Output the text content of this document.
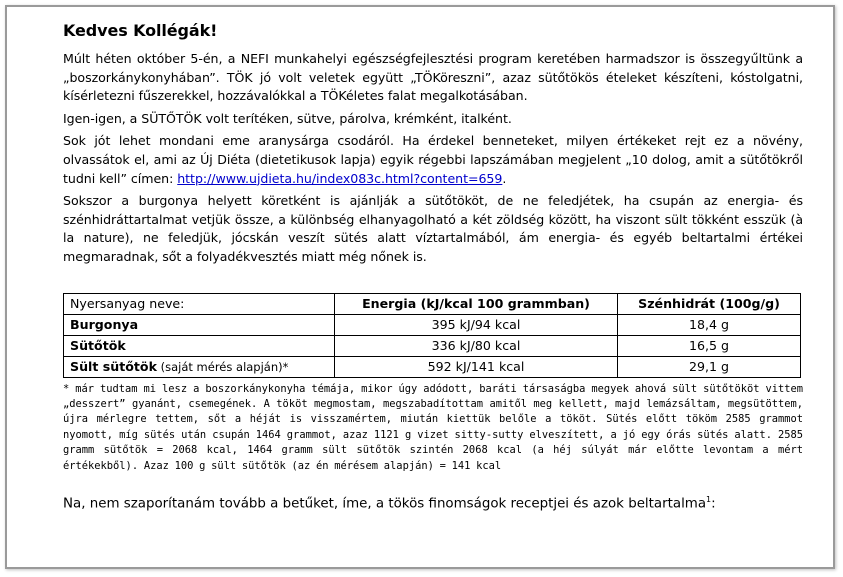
Kedves Kollégák!

Múlt héten október 5-én, a NEFI munkahelyi egészségfejlesztési program keretében harmadszor is összegyűltünk a „boszorkánykonyhában”. TÖK jó volt veletek együtt „TÖKöreszni”, azaz sütőtökös ételeket készíteni, kóstolgatni, kísérletezni fűszerekkel, hozzávalókkal a TÖKéletes falat megalkotásában.

Igen-igen, a SÜTŐTÖK volt terítéken, sütve, párolva, krémként, italként.

Sok jót lehet mondani eme aranysárga csodáról. Ha érdekel benneteket, milyen értékeket rejt ez a növény, olvassátok el, ami az Új Diéta (dietetikusok lapja) egyik régebbi lapszámában megjelent „10 dolog, amit a sütőtökről tudni kell” címen: http://www.ujdieta.hu/index083c.html?content=659.

Sokszor a burgonya helyett köretként is ajánlják a sütőtököt, de ne feledjétek, ha csupán az energia- és szénhidráttartalmat vetjük össze, a különbség elhanyagolható a két zöldség között, ha viszont sült tökként esszük (à la nature), ne feledjük, jócskán veszít sütés alatt víztartalmából, ám energia- és egyéb beltartalmi értékei megmaradnak, sőt a folyadékvesztés miatt még nőnek is.

Nyersanyag neve:	Energia (kJ/kcal 100 grammban)	Szénhidrát (100g/g)
Burgonya	395 kJ/94 kcal	18,4 g
Sütőtök	336 kJ/80 kcal	16,5 g
Sült sütőtök (saját mérés alapján)*	592 kJ/141 kcal	29,1 g
* már tudtam mi lesz a boszorkánykonyha témája, mikor úgy adódott, baráti társaságba megyek ahová sült sütőtököt vittem „desszert” gyanánt, csemegének. A tököt megmostam, megszabadítottam amitől meg kellett, majd lemázsáltam, megsütöttem, újra mérlegre tettem, sőt a héját is visszamértem, miután kiettük belőle a tököt. Sütés előtt tököm 2585 grammot nyomott, míg sütés után csupán 1464 grammot, azaz 1121 g vizet sitty-sutty elveszített, a jó egy órás sütés alatt. 2585 gramm sütőtök = 2068 kcal, 1464 gramm sült sütőtök szintén 2068 kcal (a héj súlyát már előtte levontam a mért értékekből). Azaz 100 g sült sütőtök (az én mérésem alapján) = 141 kcal
Na, nem szaporítanám tovább a betűket, íme, a tökös finomságok receptjei és azok beltartalma$^1$:
